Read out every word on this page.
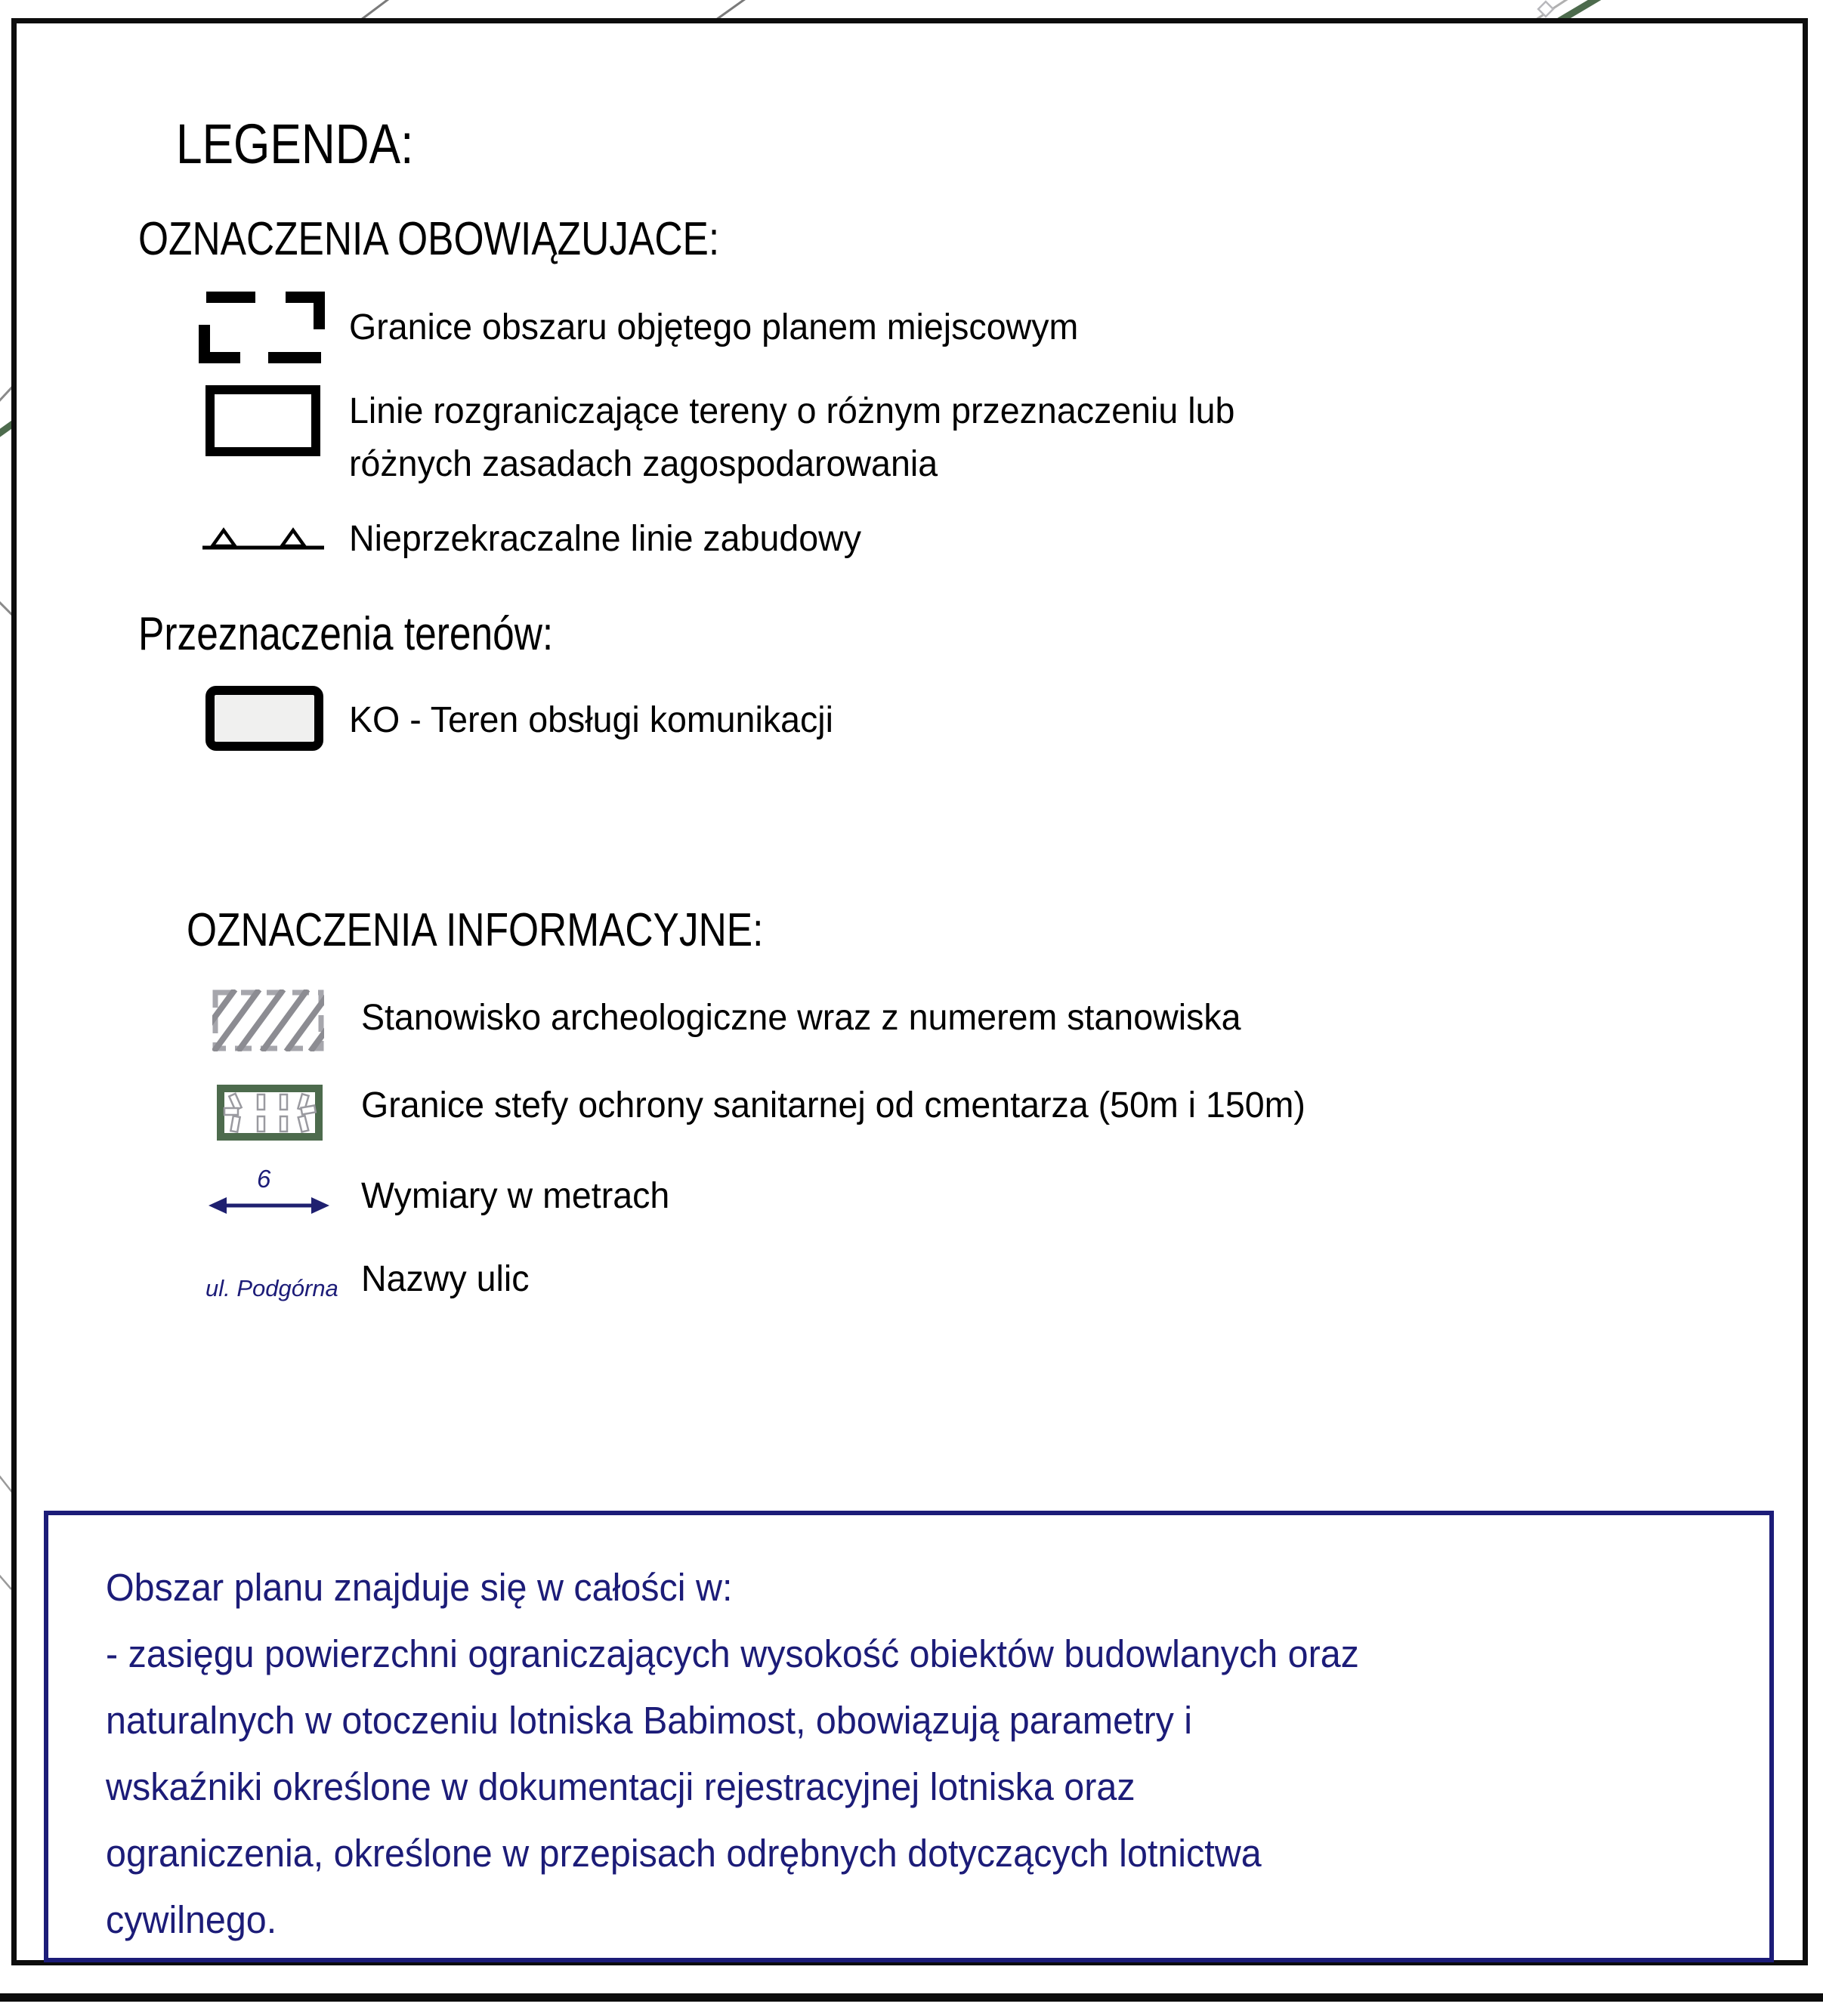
LEGENDA:
OZNACZENIA OBOWIĄZUJACE:
Granice obszaru objętego planem miejscowym
Linie rozgraniczające tereny o różnym przeznaczeniu lub
różnych zasadach zagospodarowania
Nieprzekraczalne linie zabudowy
Przeznaczenia terenów:
KO - Teren obsługi komunikacji
OZNACZENIA INFORMACYJNE:
Stanowisko archeologiczne wraz z numerem stanowiska
Granice stefy ochrony sanitarnej od cmentarza (50m i 150m)
6 Wymiary w metrach
ul. Podgórna Nazwy ulic
Obszar planu znajduje się w całości w:
- zasięgu powierzchni ograniczających wysokość obiektów budowlanych oraz
naturalnych w otoczeniu lotniska Babimost, obowiązują parametry i
wskaźniki określone w dokumentacji rejestracyjnej lotniska oraz
ograniczenia, określone w przepisach odrębnych dotyczących lotnictwa
cywilnego.
